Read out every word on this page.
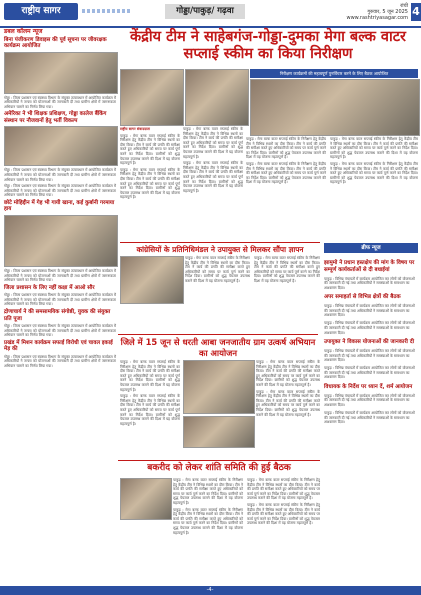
राष्ट्रीय सागर	गोड्डा/पाकुड़/ गढ़वा	रांची
गुरुवार, 5 जून 2025
www.rashtriyasagar.com 4
डबल कॉलम ‍न्यूज
बिना पंजीकरण डिवाइस की पूर्व सूचना पर जीवरक्षक कार्यक्रम आयोजित

गोड्डा : जिला प्रशासन एवं स्वास्थ्य विभाग के संयुक्त तत्वावधान में आयोजित कार्यक्रम में अधिकारियों ने जनता को योजनाओं की जानकारी दी तथा ग्रामीण क्षेत्रों में जागरूकता अभियान चलाने का निर्णय लिया गया।

अमेरिका ने भी शिक्षक प्रशिक्षण, गोड्डा कालेज बैंकिंग संस्थान पर नौजवानों हेतु भर्ती विकल्प

गोड्डा : जिला प्रशासन एवं स्वास्थ्य विभाग के संयुक्त तत्वावधान में आयोजित कार्यक्रम में अधिकारियों ने जनता को योजनाओं की जानकारी दी तथा ग्रामीण क्षेत्रों में जागरूकता अभियान चलाने का निर्णय लिया गया।

गोड्डा : जिला प्रशासन एवं स्वास्थ्य विभाग के संयुक्त तत्वावधान में आयोजित कार्यक्रम में अधिकारियों ने जनता को योजनाओं की जानकारी दी तथा ग्रामीण क्षेत्रों में जागरूकता अभियान चलाने का निर्णय लिया गया।

छोटे मोहिद्दीन में गेह भी गायी खाना, कई कुर्बानी गरमाया हाय

गोड्डा : जिला प्रशासन एवं स्वास्थ्य विभाग के संयुक्त तत्वावधान में आयोजित कार्यक्रम में अधिकारियों ने जनता को योजनाओं की जानकारी दी तथा ग्रामीण क्षेत्रों में जागरूकता अभियान चलाने का निर्णय लिया गया।

जिला प्रशासन के लिए नहीं कक्षा में आओ सौर

गोड्डा : जिला प्रशासन एवं स्वास्थ्य विभाग के संयुक्त तत्वावधान में आयोजित कार्यक्रम में अधिकारियों ने जनता को योजनाओं की जानकारी दी तथा ग्रामीण क्षेत्रों में जागरूकता अभियान चलाने का निर्णय लिया गया।

द्रोणाचार्य ने की समसामयिक संगोष्ठी, युवक की संयुक्त प्रति पूजा

गोड्डा : जिला प्रशासन एवं स्वास्थ्य विभाग के संयुक्त तत्वावधान में आयोजित कार्यक्रम में अधिकारियों ने जनता को योजनाओं की जानकारी दी तथा ग्रामीण क्षेत्रों में जागरूकता अभियान चलाने का निर्णय लिया गया।

प्रखंड में मिशन कार्यक्रम सफाई विरोधी एवं चावल इकाई मेड़ की

गोड्डा : जिला प्रशासन एवं स्वास्थ्य विभाग के संयुक्त तत्वावधान में आयोजित कार्यक्रम में अधिकारियों ने जनता को योजनाओं की जानकारी दी तथा ग्रामीण क्षेत्रों में जागरूकता अभियान चलाने का निर्णय लिया गया।

केंद्रीय टीम ने साहेबगंज-गोड्डा-दुमका मेगा बल्क वाटर सप्लाई स्कीम का किया निरीक्षण
निरीक्षण कार्यक्रमों की महत्वपूर्ण पुनर्विचार करने के लिए बैठक आयोजित

राष्ट्रीय सागर संवाददाता

पाकुड़ : मेगा बल्क वाटर सप्लाई स्कीम के निरीक्षण हेतु केंद्रीय टीम ने विभिन्न स्थलों का दौरा किया। टीम ने कार्य की प्रगति की समीक्षा करते हुए अधिकारियों को समय पर कार्य पूर्ण करने का निर्देश दिया। ग्रामीणों को शुद्ध पेयजल उपलब्ध कराने की दिशा में यह योजना महत्वपूर्ण है।

पाकुड़ : मेगा बल्क वाटर सप्लाई स्कीम के निरीक्षण हेतु केंद्रीय टीम ने विभिन्न स्थलों का दौरा किया। टीम ने कार्य की प्रगति की समीक्षा करते हुए अधिकारियों को समय पर कार्य पूर्ण करने का निर्देश दिया। ग्रामीणों को शुद्ध पेयजल उपलब्ध कराने की दिशा में यह योजना महत्वपूर्ण है।

पाकुड़ : मेगा बल्क वाटर सप्लाई स्कीम के निरीक्षण हेतु केंद्रीय टीम ने विभिन्न स्थलों का दौरा किया। टीम ने कार्य की प्रगति की समीक्षा करते हुए अधिकारियों को समय पर कार्य पूर्ण करने का निर्देश दिया। ग्रामीणों को शुद्ध पेयजल उपलब्ध कराने की दिशा में यह योजना महत्वपूर्ण है।

पाकुड़ : मेगा बल्क वाटर सप्लाई स्कीम के निरीक्षण हेतु केंद्रीय टीम ने विभिन्न स्थलों का दौरा किया। टीम ने कार्य की प्रगति की समीक्षा करते हुए अधिकारियों को समय पर कार्य पूर्ण करने का निर्देश दिया। ग्रामीणों को शुद्ध पेयजल उपलब्ध कराने की दिशा में यह योजना महत्वपूर्ण है।

पाकुड़ : मेगा बल्क वाटर सप्लाई स्कीम के निरीक्षण हेतु केंद्रीय टीम ने विभिन्न स्थलों का दौरा किया। टीम ने कार्य की प्रगति की समीक्षा करते हुए अधिकारियों को समय पर कार्य पूर्ण करने का निर्देश दिया। ग्रामीणों को शुद्ध पेयजल उपलब्ध कराने की दिशा में यह योजना महत्वपूर्ण है।

पाकुड़ : मेगा बल्क वाटर सप्लाई स्कीम के निरीक्षण हेतु केंद्रीय टीम ने विभिन्न स्थलों का दौरा किया। टीम ने कार्य की प्रगति की समीक्षा करते हुए अधिकारियों को समय पर कार्य पूर्ण करने का निर्देश दिया। ग्रामीणों को शुद्ध पेयजल उपलब्ध कराने की दिशा में यह योजना महत्वपूर्ण है।

पाकुड़ : मेगा बल्क वाटर सप्लाई स्कीम के निरीक्षण हेतु केंद्रीय टीम ने विभिन्न स्थलों का दौरा किया। टीम ने कार्य की प्रगति की समीक्षा करते हुए अधिकारियों को समय पर कार्य पूर्ण करने का निर्देश दिया। ग्रामीणों को शुद्ध पेयजल उपलब्ध कराने की दिशा में यह योजना महत्वपूर्ण है।

पाकुड़ : मेगा बल्क वाटर सप्लाई स्कीम के निरीक्षण हेतु केंद्रीय टीम ने विभिन्न स्थलों का दौरा किया। टीम ने कार्य की प्रगति की समीक्षा करते हुए अधिकारियों को समय पर कार्य पूर्ण करने का निर्देश दिया। ग्रामीणों को शुद्ध पेयजल उपलब्ध कराने की दिशा में यह योजना महत्वपूर्ण है।

कांग्रेसियों के प्रतिनिधिमंडल ने उपायुक्त से मिलकर सौंपा ज्ञापन

पाकुड़ : मेगा बल्क वाटर सप्लाई स्कीम के निरीक्षण हेतु केंद्रीय टीम ने विभिन्न स्थलों का दौरा किया। टीम ने कार्य की प्रगति की समीक्षा करते हुए अधिकारियों को समय पर कार्य पूर्ण करने का निर्देश दिया। ग्रामीणों को शुद्ध पेयजल उपलब्ध कराने की दिशा में यह योजना महत्वपूर्ण है।

पाकुड़ : मेगा बल्क वाटर सप्लाई स्कीम के निरीक्षण हेतु केंद्रीय टीम ने विभिन्न स्थलों का दौरा किया। टीम ने कार्य की प्रगति की समीक्षा करते हुए अधिकारियों को समय पर कार्य पूर्ण करने का निर्देश दिया। ग्रामीणों को शुद्ध पेयजल उपलब्ध कराने की दिशा में यह योजना महत्वपूर्ण है।

ब्रीफ ‍न्यूज
झामुमो ने प्रधान हस्तक्षेप की मांग के विषय पर सम्पूर्ण कार्यकर्ताओं से दी बधाईयां

पाकुड़ : विभिन्न पंचायतों में कार्यक्रम आयोजित कर लोगों को योजनाओं की जानकारी दी गई तथा अधिकारियों ने समस्याओं के समाधान का आश्वासन दिया।

अपर समाहर्ता से विभिन्न क्षेत्रों की बैठक

पाकुड़ : विभिन्न पंचायतों में कार्यक्रम आयोजित कर लोगों को योजनाओं की जानकारी दी गई तथा अधिकारियों ने समस्याओं के समाधान का आश्वासन दिया।

पाकुड़ : विभिन्न पंचायतों में कार्यक्रम आयोजित कर लोगों को योजनाओं की जानकारी दी गई तथा अधिकारियों ने समस्याओं के समाधान का आश्वासन दिया।

उपायुक्त ने विकास योजनाओं की जानकारी दी

पाकुड़ : विभिन्न पंचायतों में कार्यक्रम आयोजित कर लोगों को योजनाओं की जानकारी दी गई तथा अधिकारियों ने समस्याओं के समाधान का आश्वासन दिया।

पाकुड़ : विभिन्न पंचायतों में कार्यक्रम आयोजित कर लोगों को योजनाओं की जानकारी दी गई तथा अधिकारियों ने समस्याओं के समाधान का आश्वासन दिया।

विधायक के निर्देश पर ध्यान दें, शर्म आयोजन

पाकुड़ : विभिन्न पंचायतों में कार्यक्रम आयोजित कर लोगों को योजनाओं की जानकारी दी गई तथा अधिकारियों ने समस्याओं के समाधान का आश्वासन दिया।

पाकुड़ : विभिन्न पंचायतों में कार्यक्रम आयोजित कर लोगों को योजनाओं की जानकारी दी गई तथा अधिकारियों ने समस्याओं के समाधान का आश्वासन दिया।

जिले में 15 जून से धरती आबा जनजातीय ग्राम उत्कर्ष अभियान का आयोजन

पाकुड़ : मेगा बल्क वाटर सप्लाई स्कीम के निरीक्षण हेतु केंद्रीय टीम ने विभिन्न स्थलों का दौरा किया। टीम ने कार्य की प्रगति की समीक्षा करते हुए अधिकारियों को समय पर कार्य पूर्ण करने का निर्देश दिया। ग्रामीणों को शुद्ध पेयजल उपलब्ध कराने की दिशा में यह योजना महत्वपूर्ण है।

पाकुड़ : मेगा बल्क वाटर सप्लाई स्कीम के निरीक्षण हेतु केंद्रीय टीम ने विभिन्न स्थलों का दौरा किया। टीम ने कार्य की प्रगति की समीक्षा करते हुए अधिकारियों को समय पर कार्य पूर्ण करने का निर्देश दिया। ग्रामीणों को शुद्ध पेयजल उपलब्ध कराने की दिशा में यह योजना महत्वपूर्ण है।

पाकुड़ : मेगा बल्क वाटर सप्लाई स्कीम के निरीक्षण हेतु केंद्रीय टीम ने विभिन्न स्थलों का दौरा किया। टीम ने कार्य की प्रगति की समीक्षा करते हुए अधिकारियों को समय पर कार्य पूर्ण करने का निर्देश दिया। ग्रामीणों को शुद्ध पेयजल उपलब्ध कराने की दिशा में यह योजना महत्वपूर्ण है।

पाकुड़ : मेगा बल्क वाटर सप्लाई स्कीम के निरीक्षण हेतु केंद्रीय टीम ने विभिन्न स्थलों का दौरा किया। टीम ने कार्य की प्रगति की समीक्षा करते हुए अधिकारियों को समय पर कार्य पूर्ण करने का निर्देश दिया। ग्रामीणों को शुद्ध पेयजल उपलब्ध कराने की दिशा में यह योजना महत्वपूर्ण है।

बकरीद को लेकर शांति समिति की हुई बैठक

पाकुड़ : मेगा बल्क वाटर सप्लाई स्कीम के निरीक्षण हेतु केंद्रीय टीम ने विभिन्न स्थलों का दौरा किया। टीम ने कार्य की प्रगति की समीक्षा करते हुए अधिकारियों को समय पर कार्य पूर्ण करने का निर्देश दिया। ग्रामीणों को शुद्ध पेयजल उपलब्ध कराने की दिशा में यह योजना महत्वपूर्ण है।

पाकुड़ : मेगा बल्क वाटर सप्लाई स्कीम के निरीक्षण हेतु केंद्रीय टीम ने विभिन्न स्थलों का दौरा किया। टीम ने कार्य की प्रगति की समीक्षा करते हुए अधिकारियों को समय पर कार्य पूर्ण करने का निर्देश दिया। ग्रामीणों को शुद्ध पेयजल उपलब्ध कराने की दिशा में यह योजना महत्वपूर्ण है।

पाकुड़ : मेगा बल्क वाटर सप्लाई स्कीम के निरीक्षण हेतु केंद्रीय टीम ने विभिन्न स्थलों का दौरा किया। टीम ने कार्य की प्रगति की समीक्षा करते हुए अधिकारियों को समय पर कार्य पूर्ण करने का निर्देश दिया। ग्रामीणों को शुद्ध पेयजल उपलब्ध कराने की दिशा में यह योजना महत्वपूर्ण है।

पाकुड़ : मेगा बल्क वाटर सप्लाई स्कीम के निरीक्षण हेतु केंद्रीय टीम ने विभिन्न स्थलों का दौरा किया। टीम ने कार्य की प्रगति की समीक्षा करते हुए अधिकारियों को समय पर कार्य पूर्ण करने का निर्देश दिया। ग्रामीणों को शुद्ध पेयजल उपलब्ध कराने की दिशा में यह योजना महत्वपूर्ण है।

-4-
